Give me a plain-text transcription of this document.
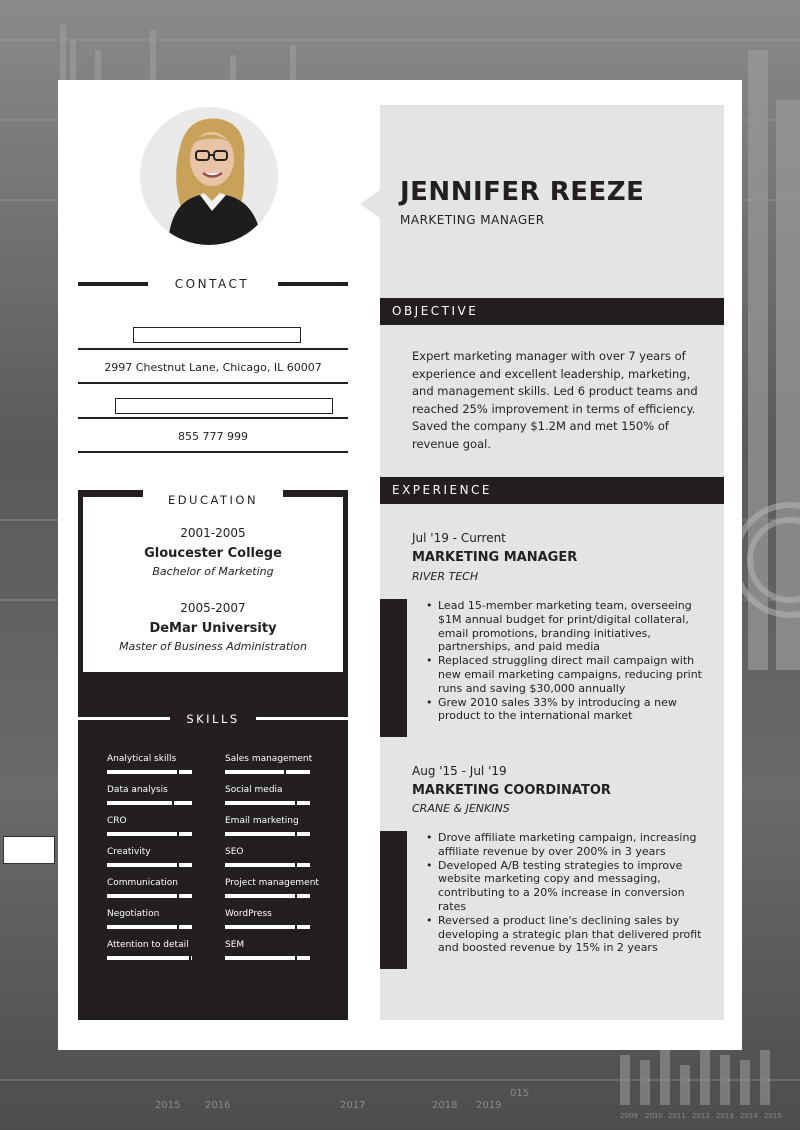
2015 2016	2017	2018 2019
015
2009 2010 2011 2012 2013 2014 2015
CONTACT
2997 Chestnut Lane, Chicago, IL 60007
855 777 999
EDUCATION
2001-2005
Gloucester College
Bachelor of Marketing
2005-2007
DeMar University
Master of Business Administration
SKILLS
Analytical skills
Data analysis
CRO
Creativity
Communication
Negotiation
Attention to detail
Sales management
Social media
Email marketing
SEO
Project management
WordPress
SEM
JENNIFER REEZE
MARKETING MANAGER
OBJECTIVE
Expert marketing manager with over 7 years of experience and excellent leadership, marketing, and management skills. Led 6 product teams and reached 25% improvement in terms of efficiency. Saved the company $1.2M and met 150% of revenue goal.
EXPERIENCE
Jul '19 - Current
MARKETING MANAGER
RIVER TECH
• Lead 15-member marketing team, overseeing $1M annual budget for print/digital collateral, email promotions, branding initiatives, partnerships, and paid media
• Replaced struggling direct mail campaign with new email marketing campaigns, reducing print runs and saving $30,000 annually
• Grew 2010 sales 33% by introducing a new product to the international market
Aug '15 - Jul '19
MARKETING COORDINATOR
CRANE & JENKINS
• Drove affiliate marketing campaign, increasing affiliate revenue by over 200% in 3 years
• Developed A/B testing strategies to improve website marketing copy and messaging, contributing to a 20% increase in conversion rates
• Reversed a product line's declining sales by developing a strategic plan that delivered profit and boosted revenue by 15% in 2 years
